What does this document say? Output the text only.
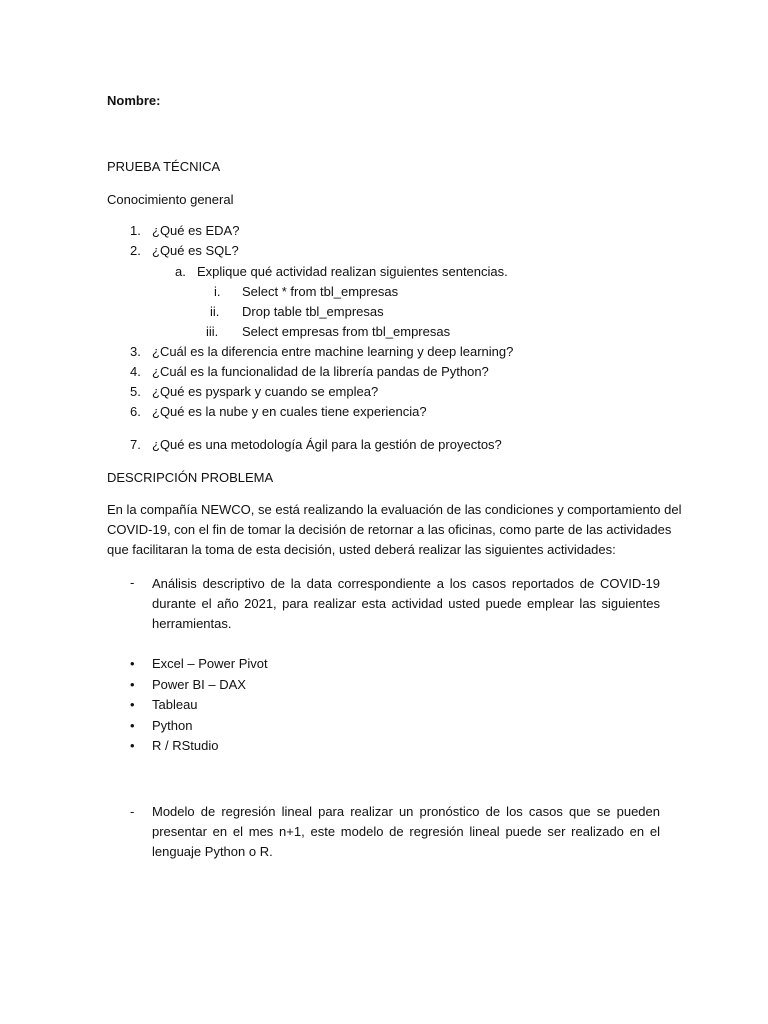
Nombre:
PRUEBA TÉCNICA
Conocimiento general
1. ¿Qué es EDA?
2. ¿Qué es SQL?
a. Explique qué actividad realizan siguientes sentencias.
i. Select * from tbl_empresas
ii. Drop table tbl_empresas
iii. Select empresas from tbl_empresas
3. ¿Cuál es la diferencia entre machine learning y deep learning?
4. ¿Cuál es la funcionalidad de la librería pandas de Python?
5. ¿Qué es pyspark y cuando se emplea?
6. ¿Qué es la nube y en cuales tiene experiencia?
7. ¿Qué es una metodología Ágil para la gestión de proyectos?
DESCRIPCIÓN PROBLEMA
En la compañía NEWCO, se está realizando la evaluación de las condiciones y comportamiento del
COVID-19, con el fin de tomar la decisión de retornar a las oficinas, como parte de las actividades
que facilitaran la toma de esta decisión, usted deberá realizar las siguientes actividades:
- Análisis descriptivo de la data correspondiente a los casos reportados de COVID-19
durante el año 2021, para realizar esta actividad usted puede emplear las siguientes
herramientas.
• Excel – Power Pivot
• Power BI – DAX
• Tableau
• Python
• R / RStudio
- Modelo de regresión lineal para realizar un pronóstico de los casos que se pueden
presentar en el mes n+1, este modelo de regresión lineal puede ser realizado en el
lenguaje Python o R.
